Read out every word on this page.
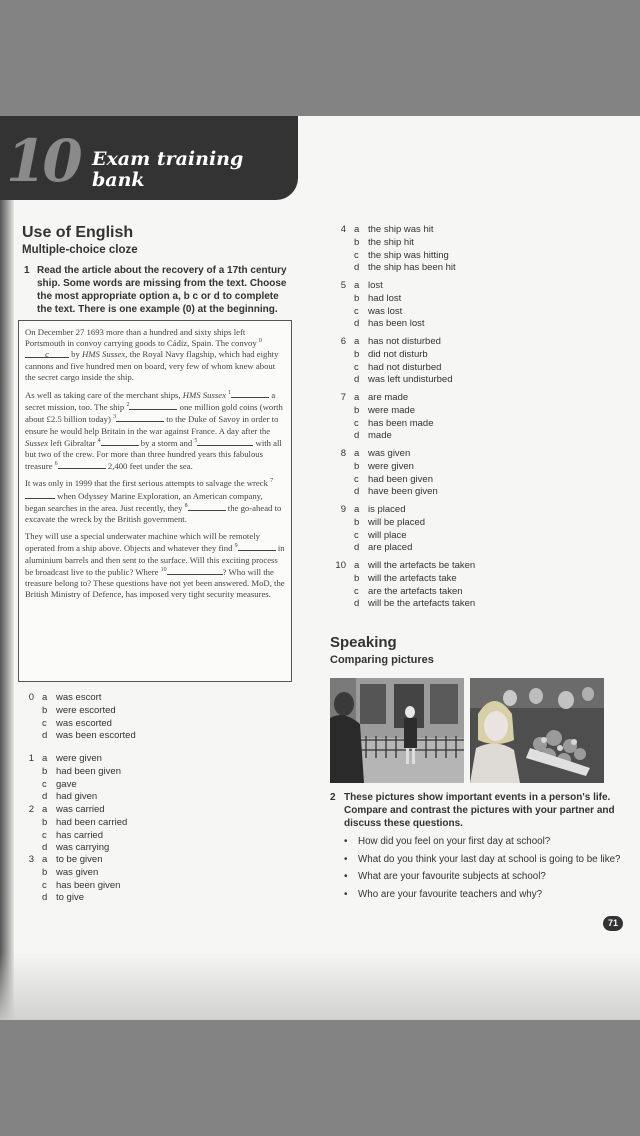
10 Exam training
bank
Use of English
Multiple-choice cloze
1 Read the article about the recovery of a 17th century ship. Some words are missing from the text. Choose the most appropriate option a, b c or d to complete the text. There is one example (0) at the beginning.

On December 27 1693 more than a hundred and sixty ships left Portsmouth in convoy carrying goods to Cádiz, Spain. The convoy $^0$c	by HMS Sussex, the Royal Navy flagship, which had eighty cannons and five hundred men on board, very few of whom knew about the secret cargo inside the ship.

As well as taking care of the merchant ships, HMS Sussex $^1$	a secret mission, too. The ship $^2$	one million gold coins (worth about £2.5 billion today) $^3$	to the Duke of Savoy in order to ensure he would help Britain in the war against France. A day after the Sussex left Gibraltar $^4$	by a storm and $^5$	with all but two of the crew. For more than three hundred years this fabulous treasure $^6$	2,400 feet under the sea.

It was only in 1999 that the first serious attempts to salvage the wreck $^7$ when Odyssey Marine Exploration, an American company, began searches in the area. Just recently, they $^8$	the go-ahead to excavate the wreck by the British government.

They will use a special underwater machine which will be remotely operated from a ship above. Objects and whatever they find $^9$	in aluminium barrels and then sent to the surface. Will this exciting process be broadcast live to the public? Where $^{10}$	? Who will the treasure belong to? These questions have not yet been answered. MoD, the British Ministry of Defence, has imposed very tight security measures.

0 a was escort
b were escorted
c was escorted
d was been escorted
1 a were given
b had been given
c gave
d had given
2 a was carried
b had been carried
c has carried
d was carrying
3 a to be given
b was given
c has been given
d to give
4 a the ship was hit
b the ship hit
c the ship was hitting
d the ship has been hit
5 a lost
b had lost
c was lost
d has been lost
6 a has not disturbed
b did not disturb
c had not disturbed
d was left undisturbed
7 a are made
b were made
c has been made
d made
8 a was given
b were given
c had been given
d have been given
9 a is placed
b will be placed
c will place
d are placed
10 a will the artefacts be taken
b will the artefacts take
c are the artefacts taken
d will be the artefacts taken
Speaking
Comparing pictures
2 These pictures show important events in a person's life. Compare and contrast the pictures with your partner and discuss these questions.
• How did you feel on your first day at school?
• What do you think your last day at school is going to be like?
• What are your favourite subjects at school?
• Who are your favourite teachers and why?
71
